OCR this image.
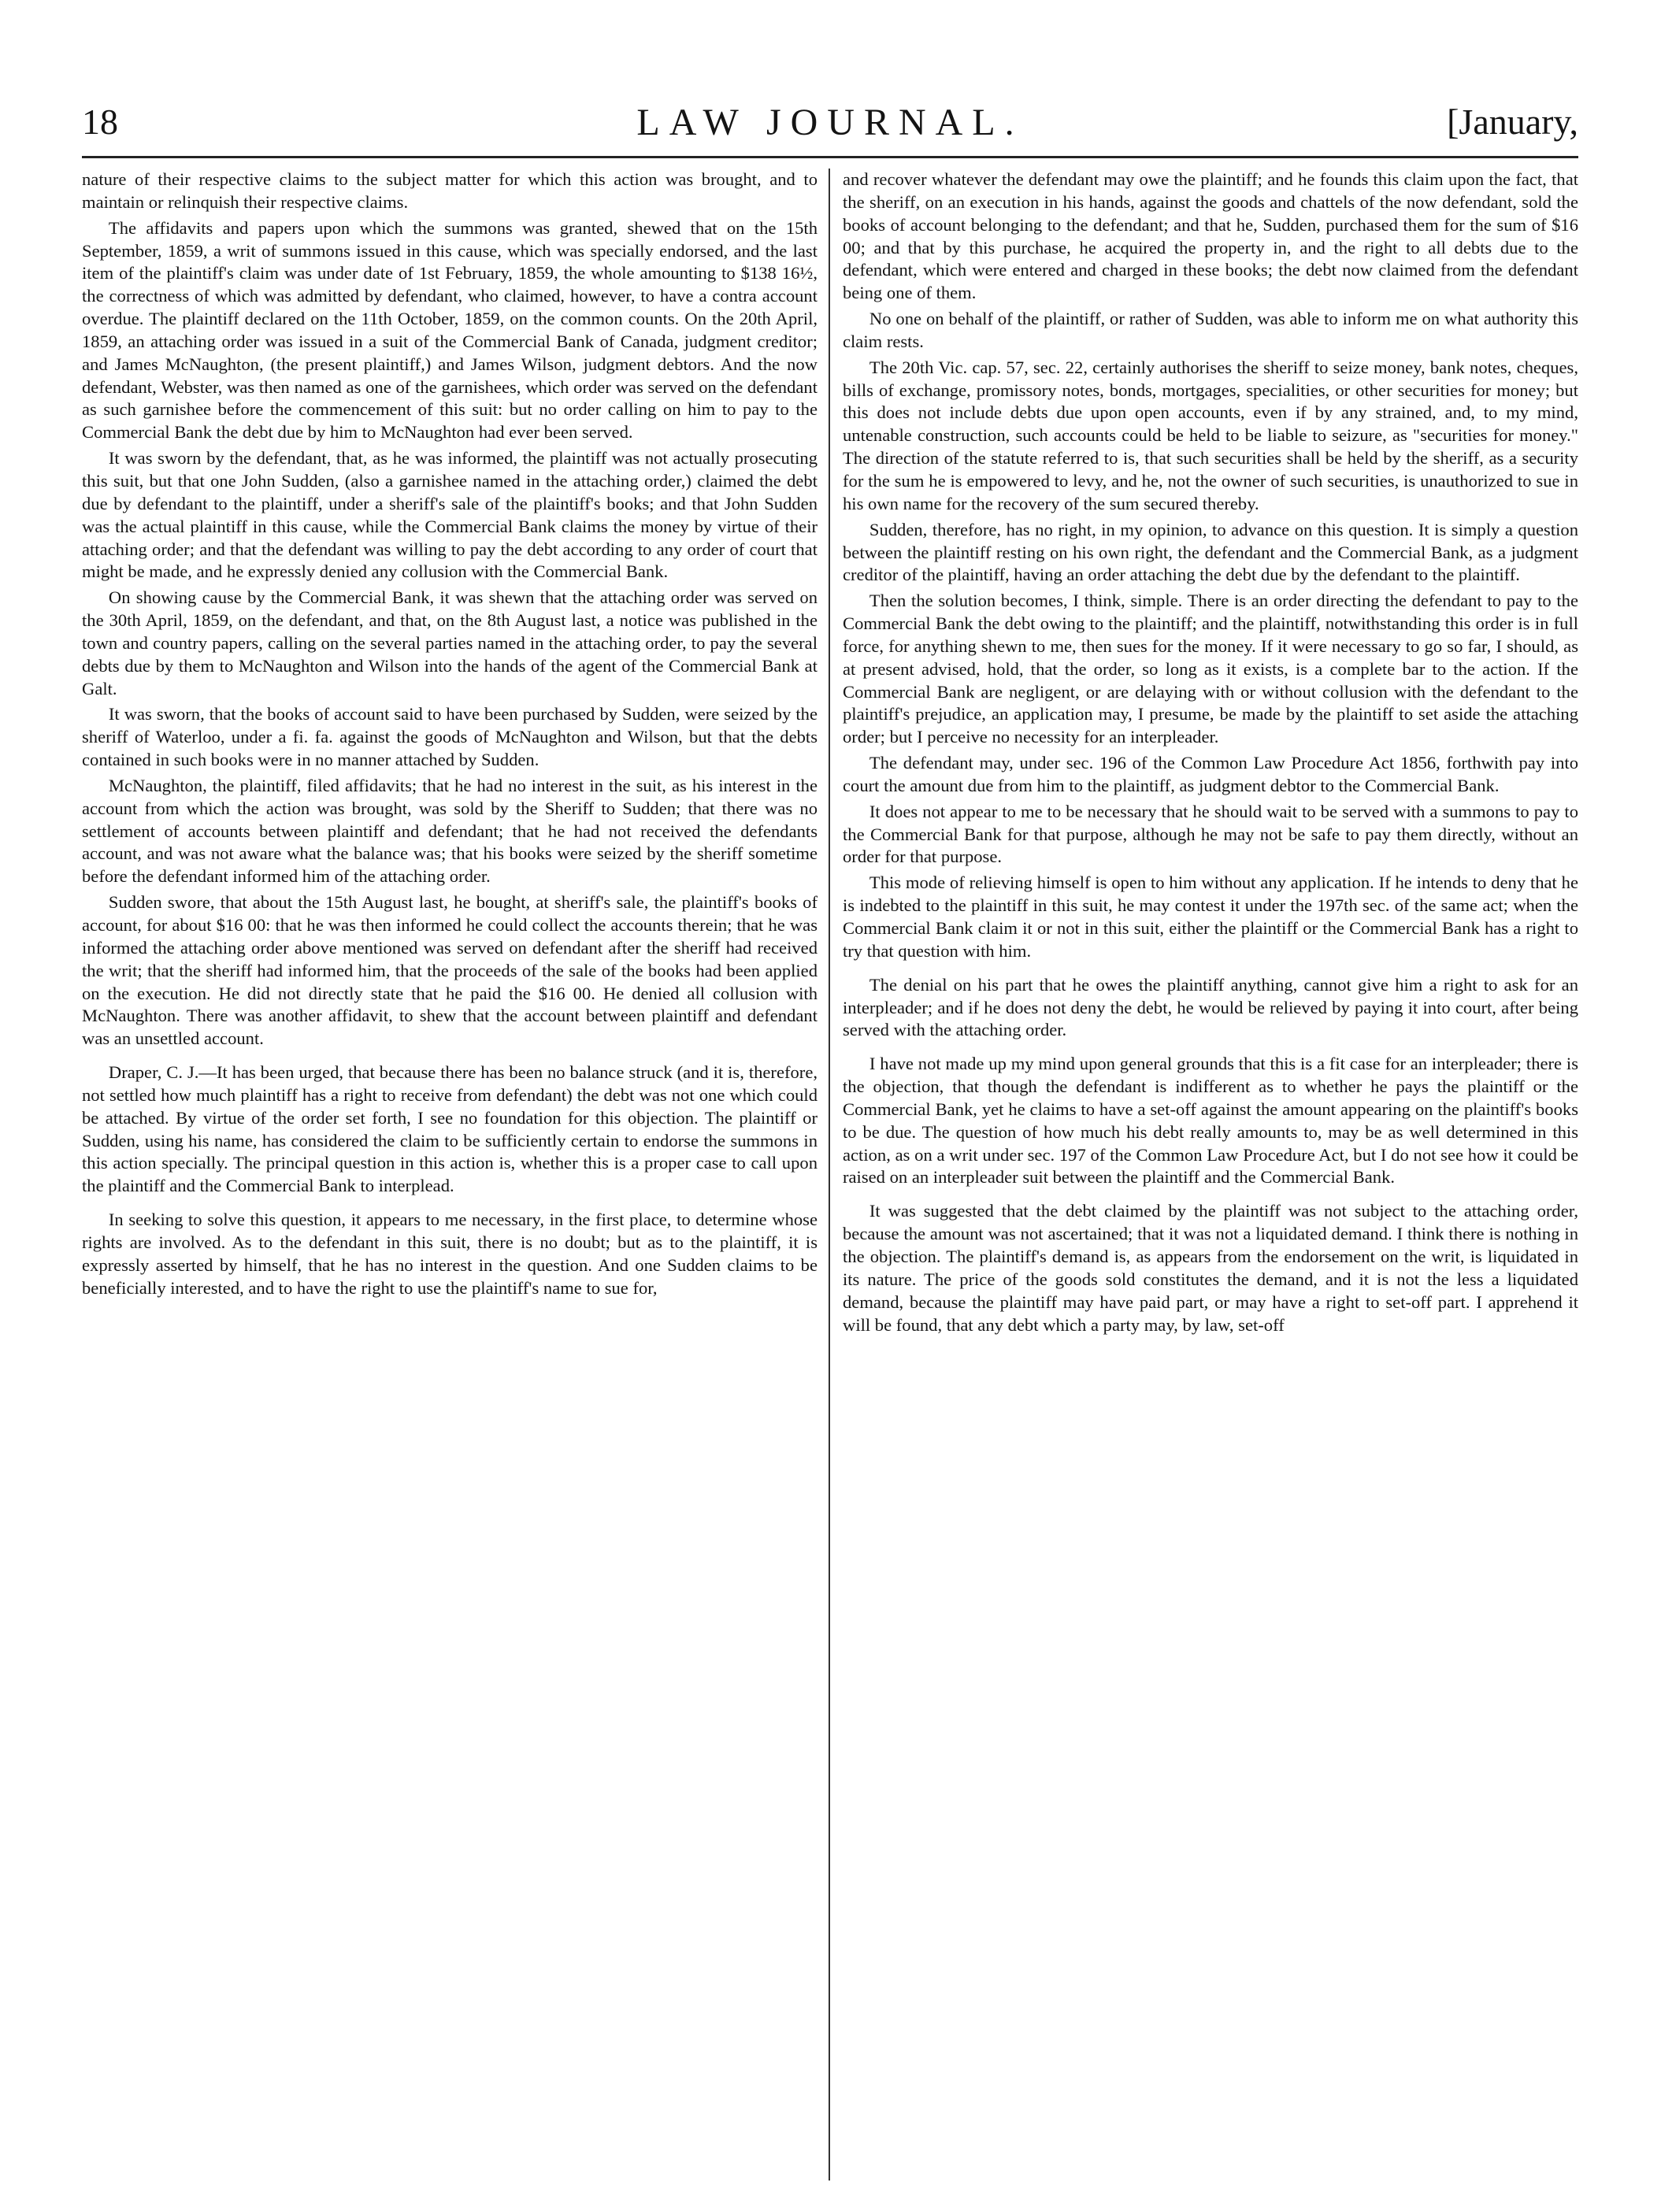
18	LAW JOURNAL.	[January,

nature of their respective claims to the subject matter for which this action was brought, and to maintain or relinquish their respective claims.

The affidavits and papers upon which the summons was granted, shewed that on the 15th September, 1859, a writ of summons issued in this cause, which was specially endorsed, and the last item of the plaintiff's claim was under date of 1st February, 1859, the whole amounting to $138 16½, the correctness of which was admitted by defendant, who claimed, however, to have a contra account overdue. The plaintiff declared on the 11th October, 1859, on the common counts. On the 20th April, 1859, an attaching order was issued in a suit of the Commercial Bank of Canada, judgment creditor; and James McNaughton, (the present plaintiff,) and James Wilson, judgment debtors. And the now defendant, Webster, was then named as one of the garnishees, which order was served on the defendant as such garnishee before the commencement of this suit: but no order calling on him to pay to the Commercial Bank the debt due by him to McNaughton had ever been served.

It was sworn by the defendant, that, as he was informed, the plaintiff was not actually prosecuting this suit, but that one John Sudden, (also a garnishee named in the attaching order,) claimed the debt due by defendant to the plaintiff, under a sheriff's sale of the plaintiff's books; and that John Sudden was the actual plaintiff in this cause, while the Commercial Bank claims the money by virtue of their attaching order; and that the defendant was willing to pay the debt according to any order of court that might be made, and he expressly denied any collusion with the Commercial Bank.

On showing cause by the Commercial Bank, it was shewn that the attaching order was served on the 30th April, 1859, on the defendant, and that, on the 8th August last, a notice was published in the town and country papers, calling on the several parties named in the attaching order, to pay the several debts due by them to McNaughton and Wilson into the hands of the agent of the Commercial Bank at Galt.

It was sworn, that the books of account said to have been purchased by Sudden, were seized by the sheriff of Waterloo, under a fi. fa. against the goods of McNaughton and Wilson, but that the debts contained in such books were in no manner attached by Sudden.

McNaughton, the plaintiff, filed affidavits; that he had no interest in the suit, as his interest in the account from which the action was brought, was sold by the Sheriff to Sudden; that there was no settlement of accounts between plaintiff and defendant; that he had not received the defendants account, and was not aware what the balance was; that his books were seized by the sheriff sometime before the defendant informed him of the attaching order.

Sudden swore, that about the 15th August last, he bought, at sheriff's sale, the plaintiff's books of account, for about $16 00: that he was then informed he could collect the accounts therein; that he was informed the attaching order above mentioned was served on defendant after the sheriff had received the writ; that the sheriff had informed him, that the proceeds of the sale of the books had been applied on the execution. He did not directly state that he paid the $16 00. He denied all collusion with McNaughton. There was another affidavit, to shew that the account between plaintiff and defendant was an unsettled account.

Draper, C. J.—It has been urged, that because there has been no balance struck (and it is, therefore, not settled how much plaintiff has a right to receive from defendant) the debt was not one which could be attached. By virtue of the order set forth, I see no foundation for this objection. The plaintiff or Sudden, using his name, has considered the claim to be sufficiently certain to endorse the summons in this action specially. The principal question in this action is, whether this is a proper case to call upon the plaintiff and the Commercial Bank to interplead.

In seeking to solve this question, it appears to me necessary, in the first place, to determine whose rights are involved. As to the defendant in this suit, there is no doubt; but as to the plaintiff, it is expressly asserted by himself, that he has no interest in the question. And one Sudden claims to be beneficially interested, and to have the right to use the plaintiff's name to sue for,

and recover whatever the defendant may owe the plaintiff; and he founds this claim upon the fact, that the sheriff, on an execution in his hands, against the goods and chattels of the now defendant, sold the books of account belonging to the defendant; and that he, Sudden, purchased them for the sum of $16 00; and that by this purchase, he acquired the property in, and the right to all debts due to the defendant, which were entered and charged in these books; the debt now claimed from the defendant being one of them.

No one on behalf of the plaintiff, or rather of Sudden, was able to inform me on what authority this claim rests.

The 20th Vic. cap. 57, sec. 22, certainly authorises the sheriff to seize money, bank notes, cheques, bills of exchange, promissory notes, bonds, mortgages, specialities, or other securities for money; but this does not include debts due upon open accounts, even if by any strained, and, to my mind, untenable construction, such accounts could be held to be liable to seizure, as "securities for money." The direction of the statute referred to is, that such securities shall be held by the sheriff, as a security for the sum he is empowered to levy, and he, not the owner of such securities, is unauthorized to sue in his own name for the recovery of the sum secured thereby.

Sudden, therefore, has no right, in my opinion, to advance on this question. It is simply a question between the plaintiff resting on his own right, the defendant and the Commercial Bank, as a judgment creditor of the plaintiff, having an order attaching the debt due by the defendant to the plaintiff.

Then the solution becomes, I think, simple. There is an order directing the defendant to pay to the Commercial Bank the debt owing to the plaintiff; and the plaintiff, notwithstanding this order is in full force, for anything shewn to me, then sues for the money. If it were necessary to go so far, I should, as at present advised, hold, that the order, so long as it exists, is a complete bar to the action. If the Commercial Bank are negligent, or are delaying with or without collusion with the defendant to the plaintiff's prejudice, an application may, I presume, be made by the plaintiff to set aside the attaching order; but I perceive no necessity for an interpleader.

The defendant may, under sec. 196 of the Common Law Procedure Act 1856, forthwith pay into court the amount due from him to the plaintiff, as judgment debtor to the Commercial Bank.

It does not appear to me to be necessary that he should wait to be served with a summons to pay to the Commercial Bank for that purpose, although he may not be safe to pay them directly, without an order for that purpose.

This mode of relieving himself is open to him without any application. If he intends to deny that he is indebted to the plaintiff in this suit, he may contest it under the 197th sec. of the same act; when the Commercial Bank claim it or not in this suit, either the plaintiff or the Commercial Bank has a right to try that question with him.

The denial on his part that he owes the plaintiff anything, cannot give him a right to ask for an interpleader; and if he does not deny the debt, he would be relieved by paying it into court, after being served with the attaching order.

I have not made up my mind upon general grounds that this is a fit case for an interpleader; there is the objection, that though the defendant is indifferent as to whether he pays the plaintiff or the Commercial Bank, yet he claims to have a set-off against the amount appearing on the plaintiff's books to be due. The question of how much his debt really amounts to, may be as well determined in this action, as on a writ under sec. 197 of the Common Law Procedure Act, but I do not see how it could be raised on an interpleader suit between the plaintiff and the Commercial Bank.

It was suggested that the debt claimed by the plaintiff was not subject to the attaching order, because the amount was not ascertained; that it was not a liquidated demand. I think there is nothing in the objection. The plaintiff's demand is, as appears from the endorsement on the writ, is liquidated in its nature. The price of the goods sold constitutes the demand, and it is not the less a liquidated demand, because the plaintiff may have paid part, or may have a right to set-off part. I apprehend it will be found, that any debt which a party may, by law, set-off
